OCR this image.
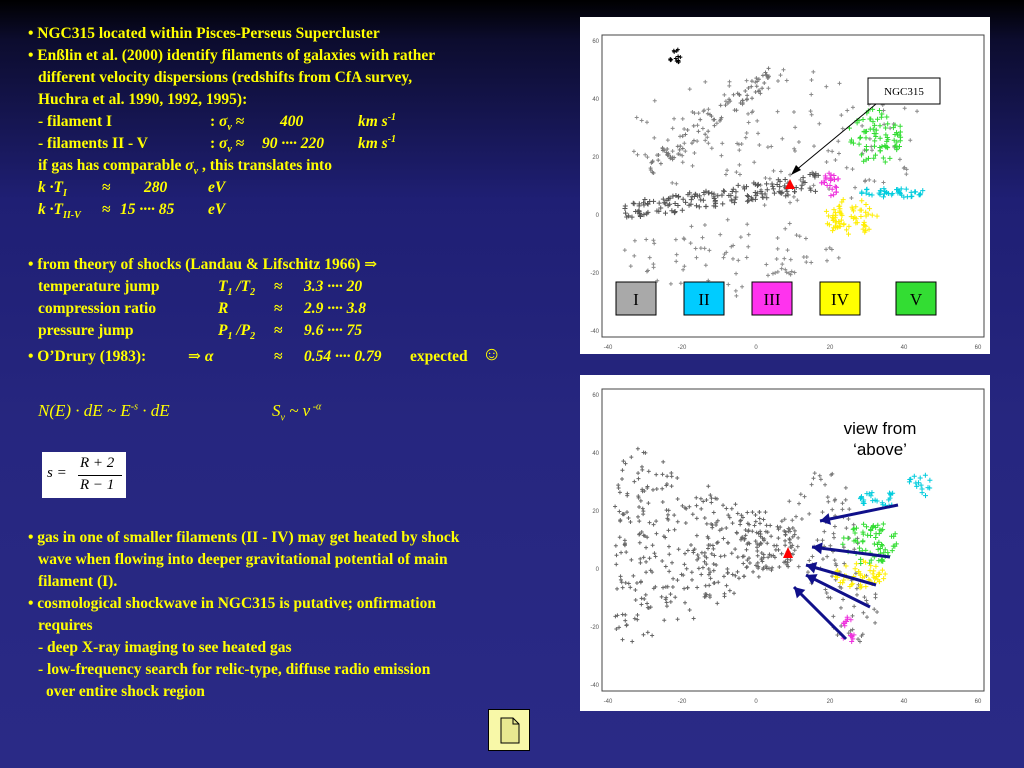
• NGC315 located within Pisces-Perseus Supercluster
• Enßlin et al. (2000) identify filaments of galaxies with rather
different velocity dispersions (redshifts from CfA survey,
Huchra et al. 1990, 1992, 1995):
- filament I	: $\sigma_v \approx 400$	km $s^{-1}$
- filaments II - V	: $\sigma_v \approx 90$ ···· 220 km $s^{-1}$
if gas has comparable $\sigma_v$ , this translates into
$k \cdot T_I \approx 280$	eV
$k \cdot T_{II-V} \approx 15$ ···· 85 eV
• from theory of shocks (Landau & Lifschitz 1966) ⇒
temperature jump	$T_1$ $/T_2 \approx 3.3$ ···· 20
compression ratio	R	≈ 2.9 ···· 3.8
pressure jump	$P_1$ $/P_2 \approx 9.6$ ···· 75
• O’Drury (1983):	⇒ α	≈ 0.54 ···· 0.79 expected ☺
N(E) · dE ~ $E^{-s}$ · dE	$S_\nu$ ~ ν $^{-\alpha}$
s =
R + 2
R − 1
• gas in one of smaller filaments (II - IV) may get heated by shock
wave when flowing into deeper gravitational potential of main
filament (I).
• cosmological shockwave in NGC315 is putative; onfirmation
requires
- deep X-ray imaging to see heated gas
- low-frequency search for relic-type, diffuse radio emission
over entire shock region
-40	-20	0	20	40	60
60
40
20
0
-20
-40
NGC315
I	II	III	IV	V
-40	-20	0	20	40	60
60
40
20
0
-20
-40
view from
‘above’
